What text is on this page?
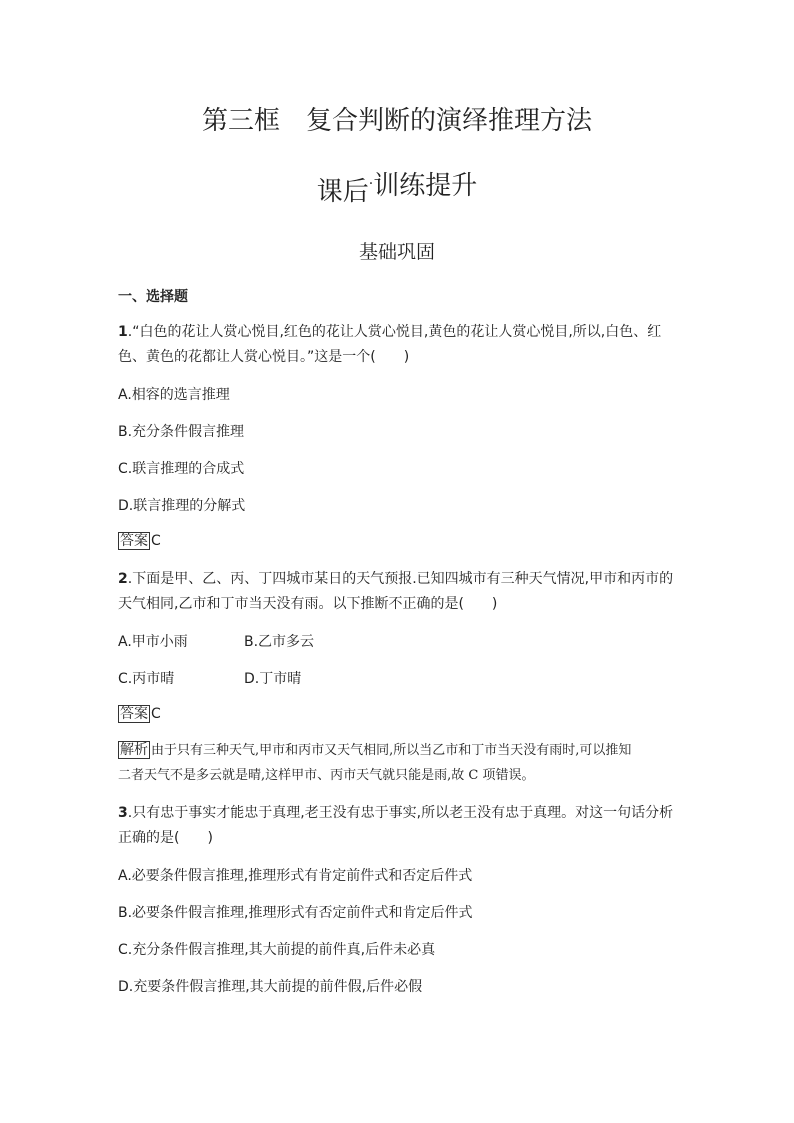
第三框　复合判断的演绎推理方法
课后·训练提升
基础巩固
一、选择题
1.“白色的花让人赏心悦目,红色的花让人赏心悦目,黄色的花让人赏心悦目,所以,白色、红
色、黄色的花都让人赏心悦目。”这是一个(　　)
A.相容的选言推理
B.充分条件假言推理
C.联言推理的合成式
D.联言推理的分解式
答案 C
2.下面是甲、乙、丙、丁四城市某日的天气预报.已知四城市有三种天气情况,甲市和丙市的
天气相同,乙市和丁市当天没有雨。以下推断不正确的是(　　)
A.甲市小雨	B.乙市多云
C.丙市晴	D.丁市晴
答案 C
解析 由于只有三种天气,甲市和丙市又天气相同,所以当乙市和丁市当天没有雨时,可以推知
二者天气不是多云就是晴,这样甲市、丙市天气就只能是雨,故 C 项错误。
3.只有忠于事实才能忠于真理,老王没有忠于事实,所以老王没有忠于真理。对这一句话分析
正确的是(　　)
A.必要条件假言推理,推理形式有肯定前件式和否定后件式
B.必要条件假言推理,推理形式有否定前件式和肯定后件式
C.充分条件假言推理,其大前提的前件真,后件未必真
D.充要条件假言推理,其大前提的前件假,后件必假
